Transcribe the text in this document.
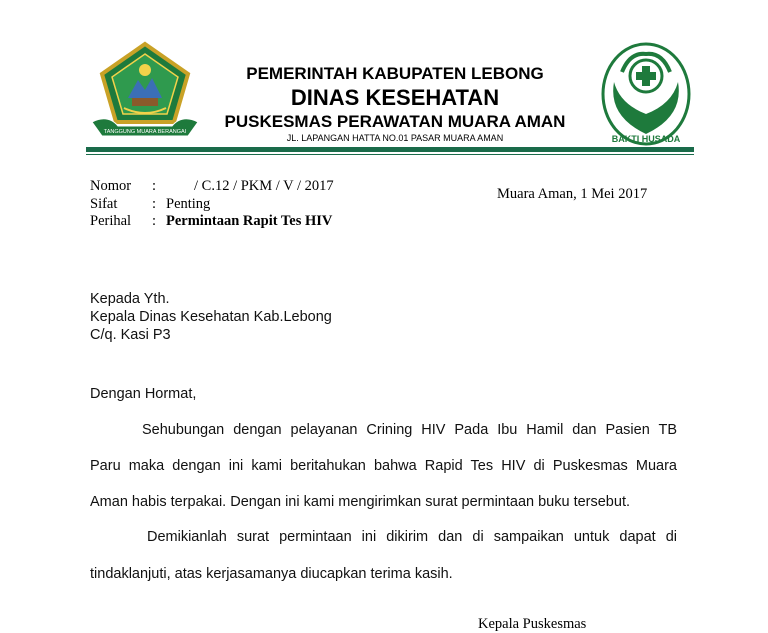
TANGGUNG MUARA BERANGAI
PEMERINTAH KABUPATEN LEBONG
DINAS KESEHATAN
PUSKESMAS PERAWATAN MUARA AMAN
JL. LAPANGAN HATTA NO.01 PASAR MUARA AMAN	BAKTI HUSADA
Nomor :	/ C.12 / PKM / V / 2017
Sifat : Penting
Perihal : Permintaan Rapit Tes HIV
Muara Aman, 1 Mei 2017
Kepada Yth.
Kepala Dinas Kesehatan Kab.Lebong
C/q. Kasi P3
Dengan Hormat,
Sehubungan dengan pelayanan Crining HIV Pada Ibu Hamil dan Pasien TB
Paru maka dengan ini kami beritahukan bahwa Rapid Tes HIV di Puskesmas Muara
Aman habis terpakai. Dengan ini kami mengirimkan surat permintaan buku tersebut.
Demikianlah surat permintaan ini dikirim dan di sampaikan untuk dapat di
tindaklanjuti, atas kerjasamanya diucapkan terima kasih.
Kepala Puskesmas
